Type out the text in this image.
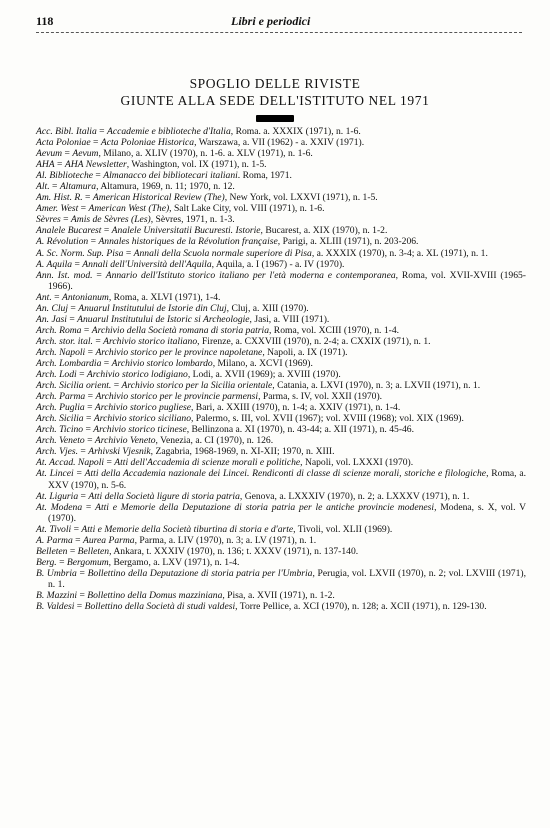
118	Libri e periodici
SPOGLIO DELLE RIVISTE
GIUNTE ALLA SEDE DELL'ISTITUTO NEL 1971
Acc. Bibl. Italia = Accademie e biblioteche d'Italia, Roma. a. XXXIX (1971), n. 1-6.
Acta Poloniae = Acta Poloniae Historica, Warszawa, a. VII (1962) - a. XXIV (1971).
Aevum = Aevum, Milano, a. XLIV (1970), n. 1-6. a. XLV (1971), n. 1-6.
AHA = AHA Newsletter, Washington, vol. IX (1971), n. 1-5.
Al. Biblioteche = Almanacco dei bibliotecari italiani. Roma, 1971.
Alt. = Altamura, Altamura, 1969, n. 11; 1970, n. 12.
Am. Hist. R. = American Historical Review (The), New York, vol. LXXVI (1971), n. 1-5.
Amer. West = American West (The), Salt Lake City, vol. VIII (1971), n. 1-6.
Sèvres = Amis de Sèvres (Les), Sèvres, 1971, n. 1-3.
Analele Bucarest = Analele Universitatii Bucuresti. Istorie, Bucarest, a. XIX (1970), n. 1-2.
A. Révolution = Annales historiques de la Révolution française, Parigi, a. XLIII (1971), n. 203-206.
A. Sc. Norm. Sup. Pisa = Annali della Scuola normale superiore di Pisa, a. XXXIX (1970), n. 3-4; a. XL (1971), n. 1.
A. Aquila = Annali dell'Università dell'Aquila, Aquila, a. I (1967) - a. IV (1970).
Ann. Ist. mod. = Annario dell'Istituto storico italiano per l'età moderna e contemporanea, Roma, vol. XVII-XVIII (1965-1966).
Ant. = Antonianum, Roma, a. XLVI (1971), 1-4.
An. Cluj = Anuarul Institutului de Istorie din Cluj, Cluj, a. XIII (1970).
An. Jasi = Anuarul Institutului de Istoric si Archeologie, Jasi, a. VIII (1971).
Arch. Roma = Archivio della Società romana di storia patria, Roma, vol. XCIII (1970), n. 1-4.
Arch. stor. ital. = Archivio storico italiano, Firenze, a. CXXVIII (1970), n. 2-4; a. CXXIX (1971), n. 1.
Arch. Napoli = Archivio storico per le province napoletane, Napoli, a. IX (1971).
Arch. Lombardia = Archivio storico lombardo, Milano, a. XCVI (1969).
Arch. Lodi = Archivio storico lodigiano, Lodi, a. XVII (1969); a. XVIII (1970).
Arch. Sicilia orient. = Archivio storico per la Sicilia orientale, Catania, a. LXVI (1970), n. 3; a. LXVII (1971), n. 1.
Arch. Parma = Archivio storico per le provincie parmensi, Parma, s. IV, vol. XXII (1970).
Arch. Puglia = Archivio storico pugliese, Bari, a. XXIII (1970), n. 1-4; a. XXIV (1971), n. 1-4.
Arch. Sicilia = Archivio storico siciliano, Palermo, s. III, vol. XVII (1967); vol. XVIII (1968); vol. XIX (1969).
Arch. Ticino = Archivio storico ticinese, Bellinzona a. XI (1970), n. 43-44; a. XII (1971), n. 45-46.
Arch. Veneto = Archivio Veneto, Venezia, a. CI (1970), n. 126.
Arch. Vjes. = Arhivski Vjesnik, Zagabria, 1968-1969, n. XI-XII; 1970, n. XIII.
At. Accad. Napoli = Atti dell'Accademia di scienze morali e politiche, Napoli, vol. LXXXI (1970).
At. Lincei = Atti della Accademia nazionale dei Lincei. Rendiconti di classe di scienze morali, storiche e filologiche, Roma, a. XXV (1970), n. 5-6.
At. Liguria = Atti della Società ligure di storia patria, Genova, a. LXXXIV (1970), n. 2; a. LXXXV (1971), n. 1.
At. Modena = Atti e Memorie della Deputazione di storia patria per le antiche provincie modenesi, Modena, s. X, vol. V (1970).
At. Tivoli = Atti e Memorie della Società tiburtina di storia e d'arte, Tivoli, vol. XLII (1969).
A. Parma = Aurea Parma, Parma, a. LIV (1970), n. 3; a. LV (1971), n. 1.
Belleten = Belleten, Ankara, t. XXXIV (1970), n. 136; t. XXXV (1971), n. 137-140.
Berg. = Bergomum, Bergamo, a. LXV (1971), n. 1-4.
B. Umbria = Bollettino della Deputazione di storia patria per l'Umbria, Perugia, vol. LXVII (1970), n. 2; vol. LXVIII (1971), n. 1.
B. Mazzini = Bollettino della Domus mazziniana, Pisa, a. XVII (1971), n. 1-2.
B. Valdesi = Bollettino della Società di studi valdesi, Torre Pellice, a. XCI (1970), n. 128; a. XCII (1971), n. 129-130.
